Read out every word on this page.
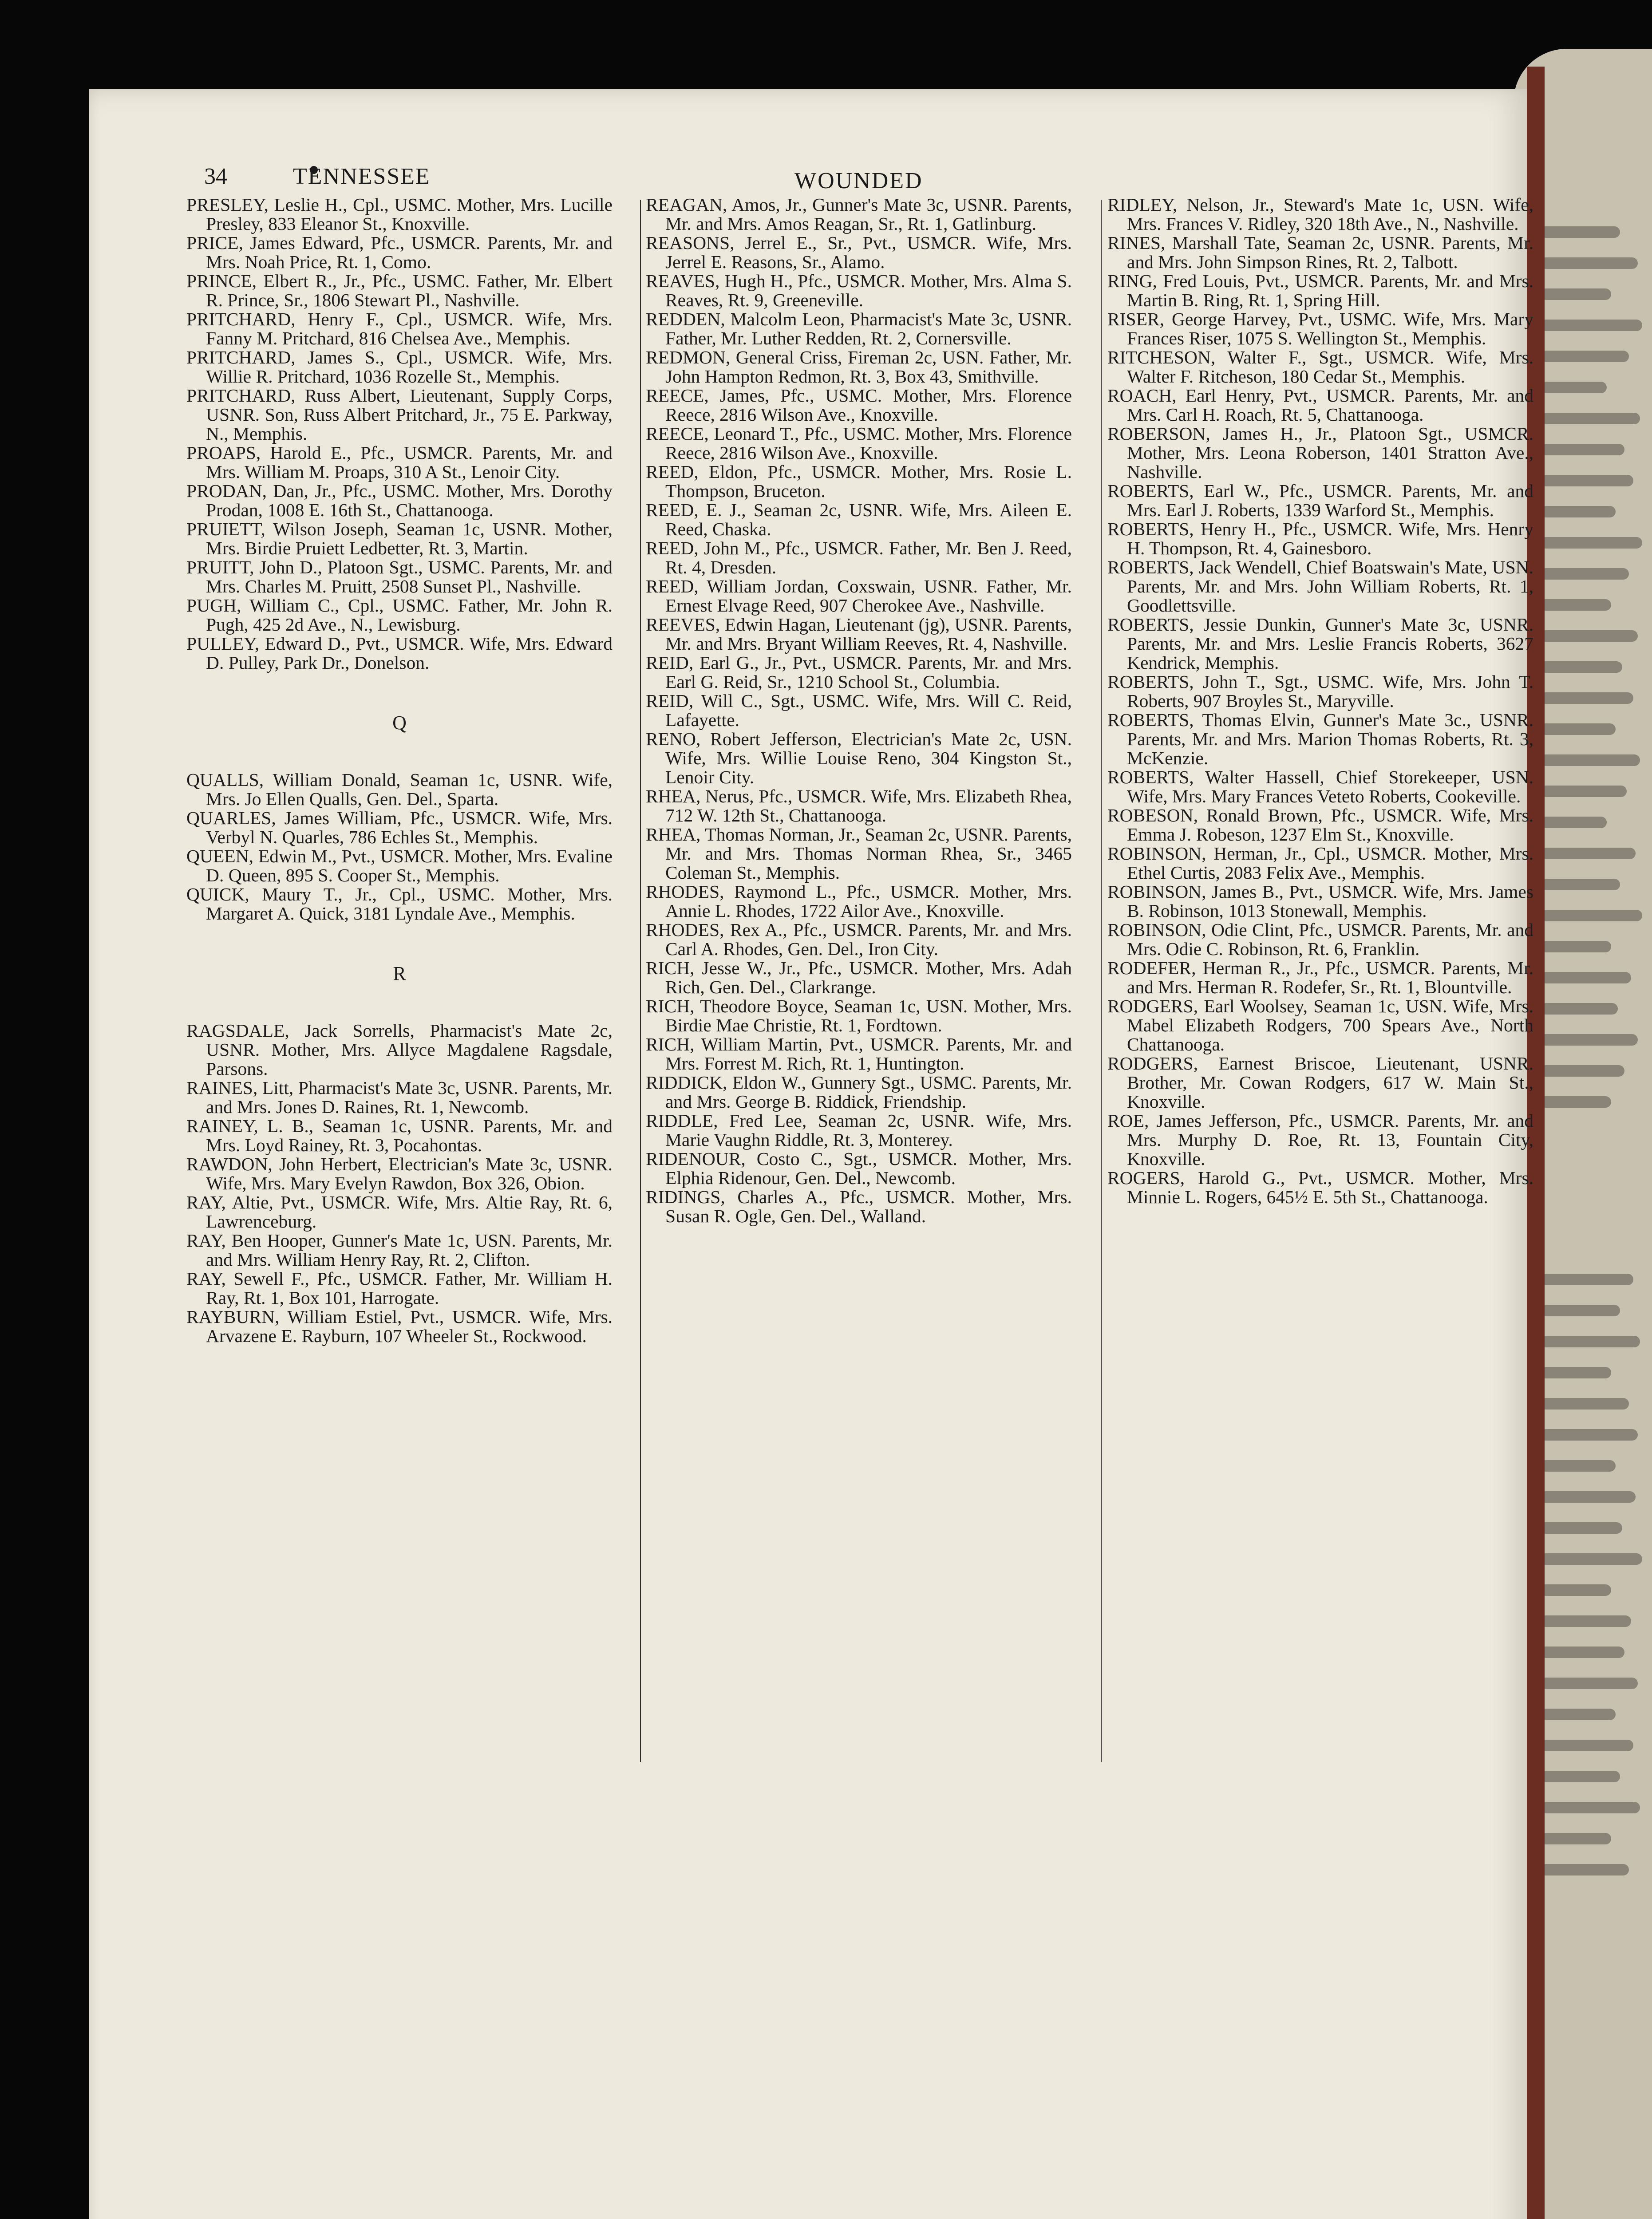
34	TENNESSEE	WOUNDED
PRESLEY, Leslie H., Cpl., USMC. Mother, Mrs. Lucille Presley, 833 Eleanor St., Knoxville.
PRICE, James Edward, Pfc., USMCR. Parents, Mr. and Mrs. Noah Price, Rt. 1, Como.
PRINCE, Elbert R., Jr., Pfc., USMC. Father, Mr. Elbert R. Prince, Sr., 1806 Stewart Pl., Nashville.
PRITCHARD, Henry F., Cpl., USMCR. Wife, Mrs. Fanny M. Pritchard, 816 Chelsea Ave., Memphis.
PRITCHARD, James S., Cpl., USMCR. Wife, Mrs. Willie R. Pritchard, 1036 Rozelle St., Memphis.
PRITCHARD, Russ Albert, Lieutenant, Supply Corps, USNR. Son, Russ Albert Pritchard, Jr., 75 E. Parkway, N., Memphis.
PROAPS, Harold E., Pfc., USMCR. Parents, Mr. and Mrs. William M. Proaps, 310 A St., Lenoir City.
PRODAN, Dan, Jr., Pfc., USMC. Mother, Mrs. Dorothy Prodan, 1008 E. 16th St., Chattanooga.
PRUIETT, Wilson Joseph, Seaman 1c, USNR. Mother, Mrs. Birdie Pruiett Ledbetter, Rt. 3, Martin.
PRUITT, John D., Platoon Sgt., USMC. Parents, Mr. and Mrs. Charles M. Pruitt, 2508 Sunset Pl., Nashville.
PUGH, William C., Cpl., USMC. Father, Mr. John R. Pugh, 425 2d Ave., N., Lewisburg.
PULLEY, Edward D., Pvt., USMCR. Wife, Mrs. Edward D. Pulley, Park Dr., Donelson.
Q
QUALLS, William Donald, Seaman 1c, USNR. Wife, Mrs. Jo Ellen Qualls, Gen. Del., Sparta.
QUARLES, James William, Pfc., USMCR. Wife, Mrs. Verbyl N. Quarles, 786 Echles St., Memphis.
QUEEN, Edwin M., Pvt., USMCR. Mother, Mrs. Evaline D. Queen, 895 S. Cooper St., Memphis.
QUICK, Maury T., Jr., Cpl., USMC. Mother, Mrs. Margaret A. Quick, 3181 Lyndale Ave., Memphis.
R
RAGSDALE, Jack Sorrells, Pharmacist's Mate 2c, USNR. Mother, Mrs. Allyce Magdalene Ragsdale, Parsons.
RAINES, Litt, Pharmacist's Mate 3c, USNR. Parents, Mr. and Mrs. Jones D. Raines, Rt. 1, Newcomb.
RAINEY, L. B., Seaman 1c, USNR. Parents, Mr. and Mrs. Loyd Rainey, Rt. 3, Pocahontas.
RAWDON, John Herbert, Electrician's Mate 3c, USNR. Wife, Mrs. Mary Evelyn Rawdon, Box 326, Obion.
RAY, Altie, Pvt., USMCR. Wife, Mrs. Altie Ray, Rt. 6, Lawrenceburg.
RAY, Ben Hooper, Gunner's Mate 1c, USN. Parents, Mr. and Mrs. William Henry Ray, Rt. 2, Clifton.
RAY, Sewell F., Pfc., USMCR. Father, Mr. William H. Ray, Rt. 1, Box 101, Harrogate.
RAYBURN, William Estiel, Pvt., USMCR. Wife, Mrs. Arvazene E. Rayburn, 107 Wheeler St., Rockwood.
REAGAN, Amos, Jr., Gunner's Mate 3c, USNR. Parents, Mr. and Mrs. Amos Reagan, Sr., Rt. 1, Gatlinburg.
REASONS, Jerrel E., Sr., Pvt., USMCR. Wife, Mrs. Jerrel E. Reasons, Sr., Alamo.
REAVES, Hugh H., Pfc., USMCR. Mother, Mrs. Alma S. Reaves, Rt. 9, Greeneville.
REDDEN, Malcolm Leon, Pharmacist's Mate 3c, USNR. Father, Mr. Luther Redden, Rt. 2, Cornersville.
REDMON, General Criss, Fireman 2c, USN. Father, Mr. John Hampton Redmon, Rt. 3, Box 43, Smithville.
REECE, James, Pfc., USMC. Mother, Mrs. Florence Reece, 2816 Wilson Ave., Knoxville.
REECE, Leonard T., Pfc., USMC. Mother, Mrs. Florence Reece, 2816 Wilson Ave., Knoxville.
REED, Eldon, Pfc., USMCR. Mother, Mrs. Rosie L. Thompson, Bruceton.
REED, E. J., Seaman 2c, USNR. Wife, Mrs. Aileen E. Reed, Chaska.
REED, John M., Pfc., USMCR. Father, Mr. Ben J. Reed, Rt. 4, Dresden.
REED, William Jordan, Coxswain, USNR. Father, Mr. Ernest Elvage Reed, 907 Cherokee Ave., Nashville.
REEVES, Edwin Hagan, Lieutenant (jg), USNR. Parents, Mr. and Mrs. Bryant William Reeves, Rt. 4, Nashville.
REID, Earl G., Jr., Pvt., USMCR. Parents, Mr. and Mrs. Earl G. Reid, Sr., 1210 School St., Columbia.
REID, Will C., Sgt., USMC. Wife, Mrs. Will C. Reid, Lafayette.
RENO, Robert Jefferson, Electrician's Mate 2c, USN. Wife, Mrs. Willie Louise Reno, 304 Kingston St., Lenoir City.
RHEA, Nerus, Pfc., USMCR. Wife, Mrs. Elizabeth Rhea, 712 W. 12th St., Chattanooga.
RHEA, Thomas Norman, Jr., Seaman 2c, USNR. Parents, Mr. and Mrs. Thomas Norman Rhea, Sr., 3465 Coleman St., Memphis.
RHODES, Raymond L., Pfc., USMCR. Mother, Mrs. Annie L. Rhodes, 1722 Ailor Ave., Knoxville.
RHODES, Rex A., Pfc., USMCR. Parents, Mr. and Mrs. Carl A. Rhodes, Gen. Del., Iron City.
RICH, Jesse W., Jr., Pfc., USMCR. Mother, Mrs. Adah Rich, Gen. Del., Clarkrange.
RICH, Theodore Boyce, Seaman 1c, USN. Mother, Mrs. Birdie Mae Christie, Rt. 1, Fordtown.
RICH, William Martin, Pvt., USMCR. Parents, Mr. and Mrs. Forrest M. Rich, Rt. 1, Huntington.
RIDDICK, Eldon W., Gunnery Sgt., USMC. Parents, Mr. and Mrs. George B. Riddick, Friendship.
RIDDLE, Fred Lee, Seaman 2c, USNR. Wife, Mrs. Marie Vaughn Riddle, Rt. 3, Monterey.
RIDENOUR, Costo C., Sgt., USMCR. Mother, Mrs. Elphia Ridenour, Gen. Del., Newcomb.
RIDINGS, Charles A., Pfc., USMCR. Mother, Mrs. Susan R. Ogle, Gen. Del., Walland.
RIDLEY, Nelson, Jr., Steward's Mate 1c, USN. Wife, Mrs. Frances V. Ridley, 320 18th Ave., N., Nashville.
RINES, Marshall Tate, Seaman 2c, USNR. Parents, Mr. and Mrs. John Simpson Rines, Rt. 2, Talbott.
RING, Fred Louis, Pvt., USMCR. Parents, Mr. and Mrs. Martin B. Ring, Rt. 1, Spring Hill.
RISER, George Harvey, Pvt., USMC. Wife, Mrs. Mary Frances Riser, 1075 S. Wellington St., Memphis.
RITCHESON, Walter F., Sgt., USMCR. Wife, Mrs. Walter F. Ritcheson, 180 Cedar St., Memphis.
ROACH, Earl Henry, Pvt., USMCR. Parents, Mr. and Mrs. Carl H. Roach, Rt. 5, Chattanooga.
ROBERSON, James H., Jr., Platoon Sgt., USMCR. Mother, Mrs. Leona Roberson, 1401 Stratton Ave., Nashville.
ROBERTS, Earl W., Pfc., USMCR. Parents, Mr. and Mrs. Earl J. Roberts, 1339 Warford St., Memphis.
ROBERTS, Henry H., Pfc., USMCR. Wife, Mrs. Henry H. Thompson, Rt. 4, Gainesboro.
ROBERTS, Jack Wendell, Chief Boatswain's Mate, USN. Parents, Mr. and Mrs. John William Roberts, Rt. 1, Goodlettsville.
ROBERTS, Jessie Dunkin, Gunner's Mate 3c, USNR. Parents, Mr. and Mrs. Leslie Francis Roberts, 3627 Kendrick, Memphis.
ROBERTS, John T., Sgt., USMC. Wife, Mrs. John T. Roberts, 907 Broyles St., Maryville.
ROBERTS, Thomas Elvin, Gunner's Mate 3c., USNR. Parents, Mr. and Mrs. Marion Thomas Roberts, Rt. 3, McKenzie.
ROBERTS, Walter Hassell, Chief Storekeeper, USN. Wife, Mrs. Mary Frances Veteto Roberts, Cookeville.
ROBESON, Ronald Brown, Pfc., USMCR. Wife, Mrs. Emma J. Robeson, 1237 Elm St., Knoxville.
ROBINSON, Herman, Jr., Cpl., USMCR. Mother, Mrs. Ethel Curtis, 2083 Felix Ave., Memphis.
ROBINSON, James B., Pvt., USMCR. Wife, Mrs. James B. Robinson, 1013 Stonewall, Memphis.
ROBINSON, Odie Clint, Pfc., USMCR. Parents, Mr. and Mrs. Odie C. Robinson, Rt. 6, Franklin.
RODEFER, Herman R., Jr., Pfc., USMCR. Parents, Mr. and Mrs. Herman R. Rodefer, Sr., Rt. 1, Blountville.
RODGERS, Earl Woolsey, Seaman 1c, USN. Wife, Mrs. Mabel Elizabeth Rodgers, 700 Spears Ave., North Chattanooga.
RODGERS, Earnest Briscoe, Lieutenant, USNR. Brother, Mr. Cowan Rodgers, 617 W. Main St., Knoxville.
ROE, James Jefferson, Pfc., USMCR. Parents, Mr. and Mrs. Murphy D. Roe, Rt. 13, Fountain City, Knoxville.
ROGERS, Harold G., Pvt., USMCR. Mother, Mrs. Minnie L. Rogers, 645½ E. 5th St., Chattanooga.
